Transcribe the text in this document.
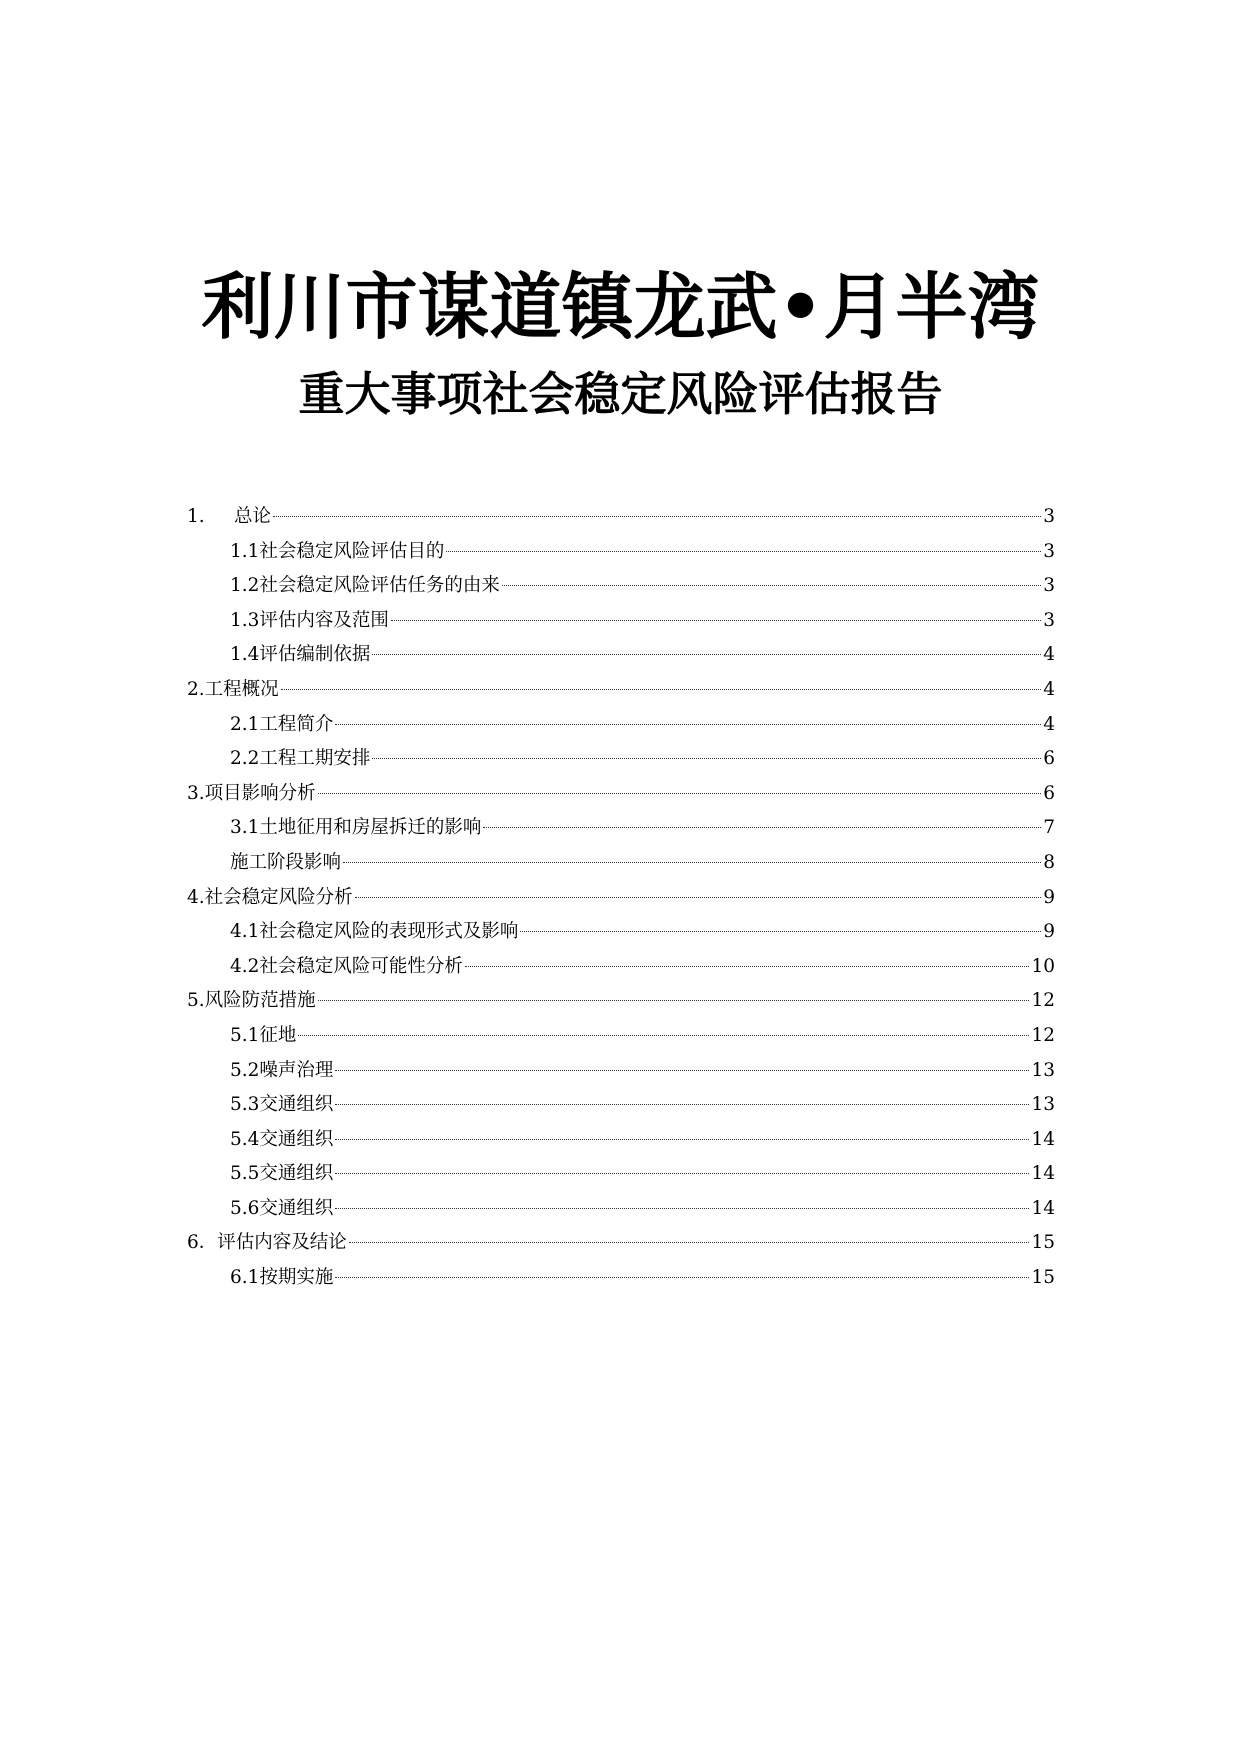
利川市谋道镇龙武•月半湾
重大事项社会稳定风险评估报告
1.	总论	3
1.1 社会稳定风险评估目的	3
1.2 社会稳定风险评估任务的由来	3
1.3 评估内容及范围	3
1.4 评估编制依据	4
2. 工程概况	4
2.1 工程简介	4
2.2 工程工期安排	6
3. 项目影响分析	6
3.1 土地征用和房屋拆迁的影响	7
施工阶段影响	8
4. 社会稳定风险分析	9
4.1 社会稳定风险的表现形式及影响	9
4.2 社会稳定风险可能性分析	10
5. 风险防范措施	12
5.1 征地	12
5.2 噪声治理	13
5.3 交通组织	13
5.4 交通组织	14
5.5 交通组织	14
5.6 交通组织	14
6． 评估内容及结论	15
6.1 按期实施	15
